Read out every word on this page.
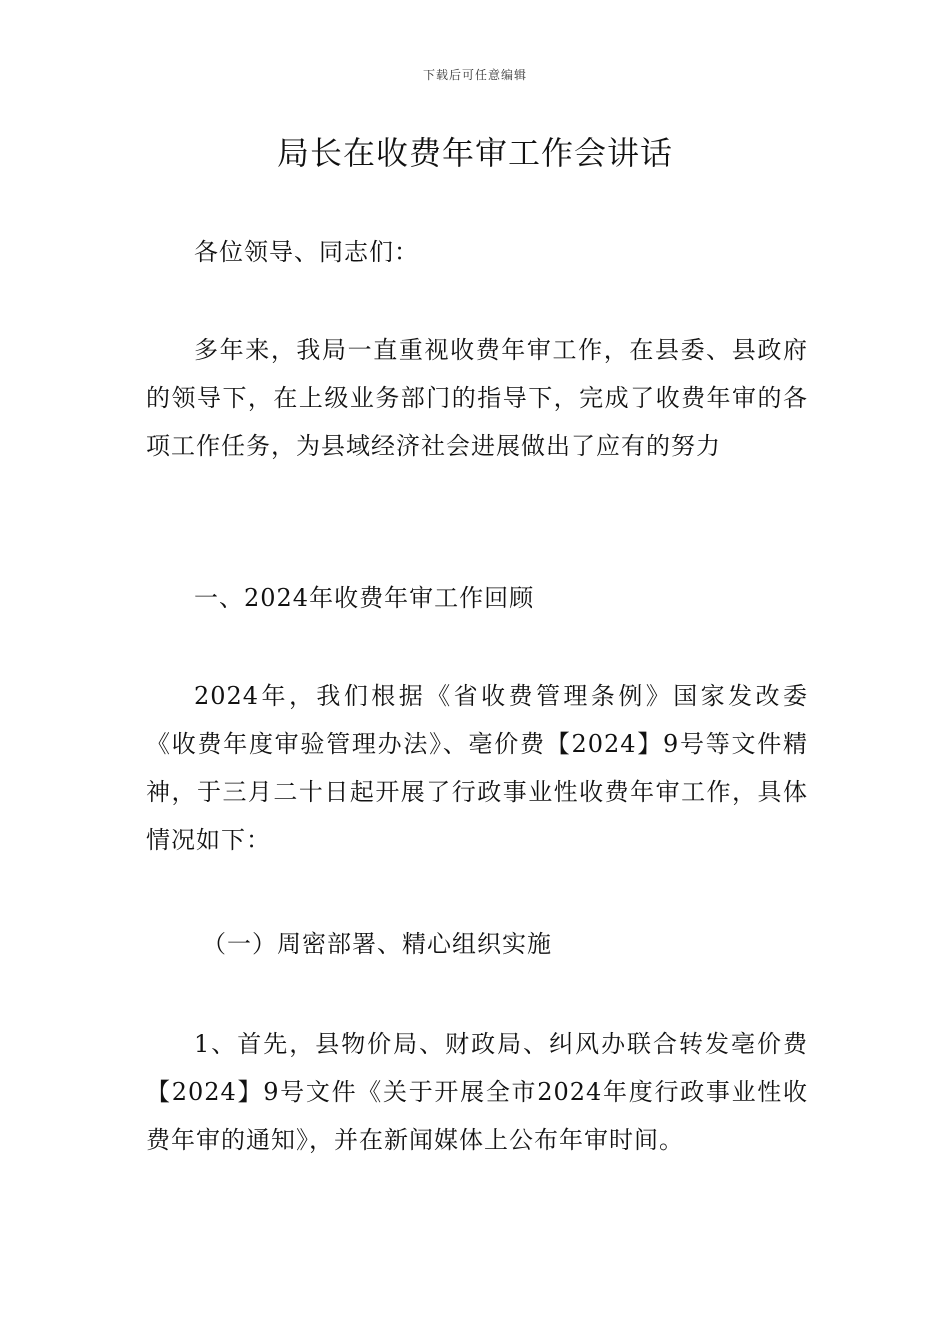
下载后可任意编辑
局长在收费年审工作会讲话

各位领导、同志们：

多年来，我局一直重视收费年审工作，在县委、县政府的领导下，在上级业务部门的指导下，完成了收费年审的各项工作任务，为县域经济社会进展做出了应有的努力

一、2024年收费年审工作回顾

2024年，我们根据《省收费管理条例》国家发改委《收费年度审验管理办法》、亳价费【2024】9号等文件精神，于三月二十日起开展了行政事业性收费年审工作，具体情况如下：

（一）周密部署、精心组织实施

1、首先，县物价局、财政局、纠风办联合转发亳价费【2024】9号文件《关于开展全市2024年度行政事业性收费年审的通知》，并在新闻媒体上公布年审时间。
